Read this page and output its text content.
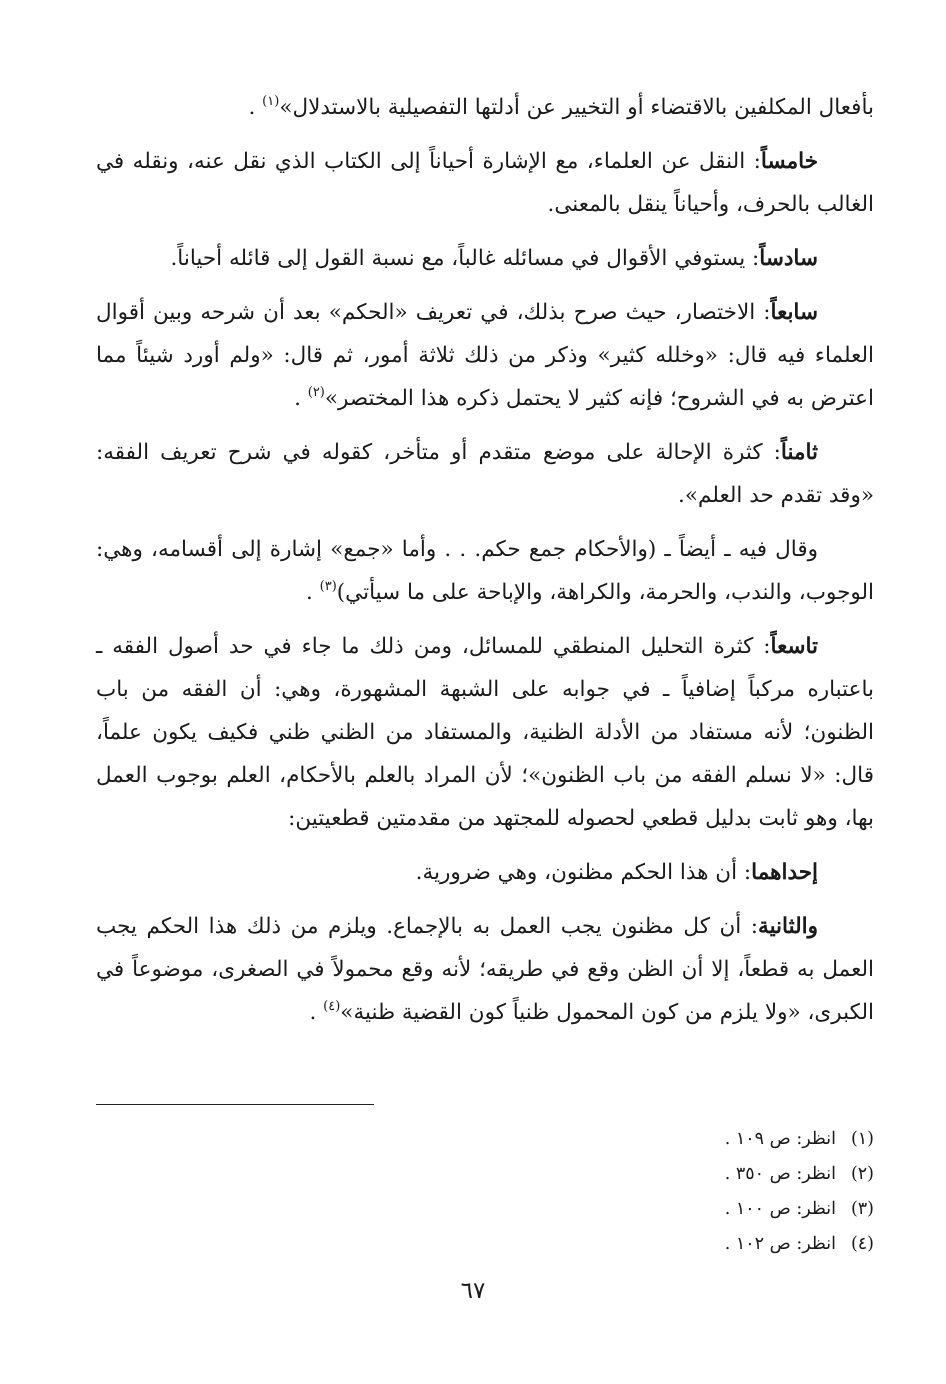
بأفعال المكلفين بالاقتضاء أو التخيير عن أدلتها التفصيلية بالاستدلال»$^{(١)}$ .

خامساً: النقل عن العلماء، مع الإشارة أحياناً إلى الكتاب الذي نقل عنه، ونقله في الغالب بالحرف، وأحياناً ينقل بالمعنى.

سادساً: يستوفي الأقوال في مسائله غالباً، مع نسبة القول إلى قائله أحياناً.

سابعاً: الاختصار، حيث صرح بذلك، في تعريف «الحكم» بعد أن شرحه وبين أقوال العلماء فيه قال: «وخلله كثير» وذكر من ذلك ثلاثة أمور، ثم قال: «ولم أورد شيئاً مما اعترض به في الشروح؛ فإنه كثير لا يحتمل ذكره هذا المختصر»$^{(٢)}$ .

ثامناً: كثرة الإحالة على موضع متقدم أو متأخر، كقوله في شرح تعريف الفقه: «وقد تقدم حد العلم».

وقال فيه ـ أيضاً ـ (والأحكام جمع حكم. . . وأما «جمع» إشارة إلى أقسامه، وهي: الوجوب، والندب، والحرمة، والكراهة، والإباحة على ما سيأتي)$^{(٣)}$ .

تاسعاً: كثرة التحليل المنطقي للمسائل، ومن ذلك ما جاء في حد أصول الفقه ـ باعتباره مركباً إضافياً ـ في جوابه على الشبهة المشهورة، وهي: أن الفقه من باب الظنون؛ لأنه مستفاد من الأدلة الظنية، والمستفاد من الظني ظني فكيف يكون علماً، قال: «لا نسلم الفقه من باب الظنون»؛ لأن المراد بالعلم بالأحكام، العلم بوجوب العمل بها، وهو ثابت بدليل قطعي لحصوله للمجتهد من مقدمتين قطعيتين:

إحداهما: أن هذا الحكم مظنون، وهي ضرورية.

والثانية: أن كل مظنون يجب العمل به بالإجماع. ويلزم من ذلك هذا الحكم يجب العمل به قطعاً، إلا أن الظن وقع في طريقه؛ لأنه وقع محمولاً في الصغرى، موضوعاً في الكبرى، «ولا يلزم من كون المحمول ظنياً كون القضية ظنية»$^{(٤)}$ .

(١)
انظر: ص ١٠٩ .
(٢)
انظر: ص ٣٥٠ .
(٣)
انظر: ص ١٠٠ .
(٤)
انظر: ص ١٠٢ .
٦٧
